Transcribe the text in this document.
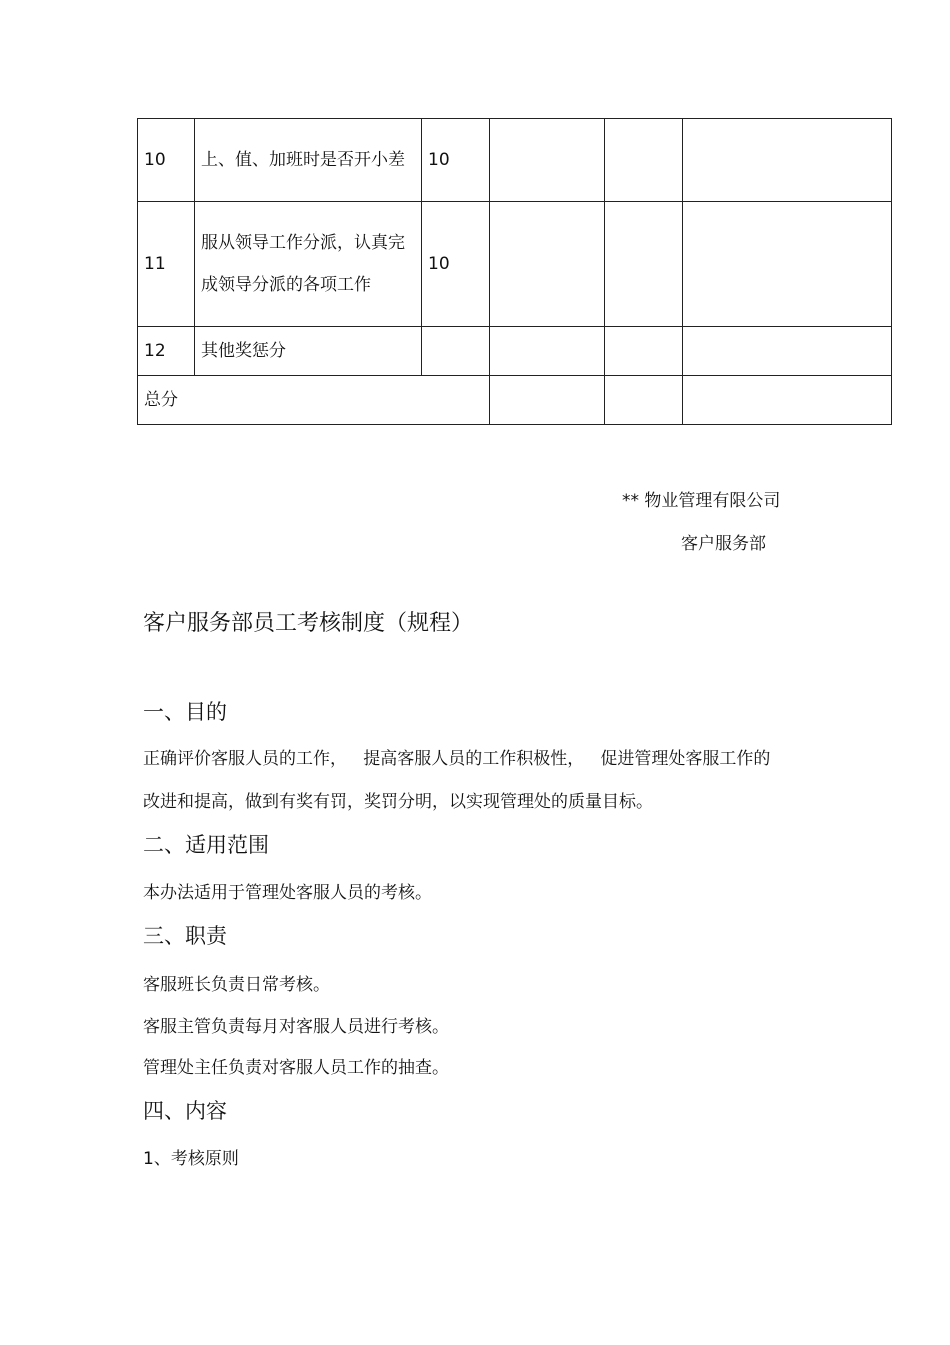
10	上、值、加班时是否开小差	10			
11	服从领导工作分派，认真完成领导分派的各项工作	10			
12	其他奖惩分				
总分					
** 物业管理有限公司
客户服务部
客户服务部员工考核制度（规程）
一、目的
正确评价客服人员的工作，   提高客服人员的工作积极性，   促进管理处客服工作的
改进和提高，做到有奖有罚，奖罚分明，以实现管理处的质量目标。
二、适用范围
本办法适用于管理处客服人员的考核。
三、职责
客服班长负责日常考核。
客服主管负责每月对客服人员进行考核。
管理处主任负责对客服人员工作的抽查。
四、内容
1、考核原则
